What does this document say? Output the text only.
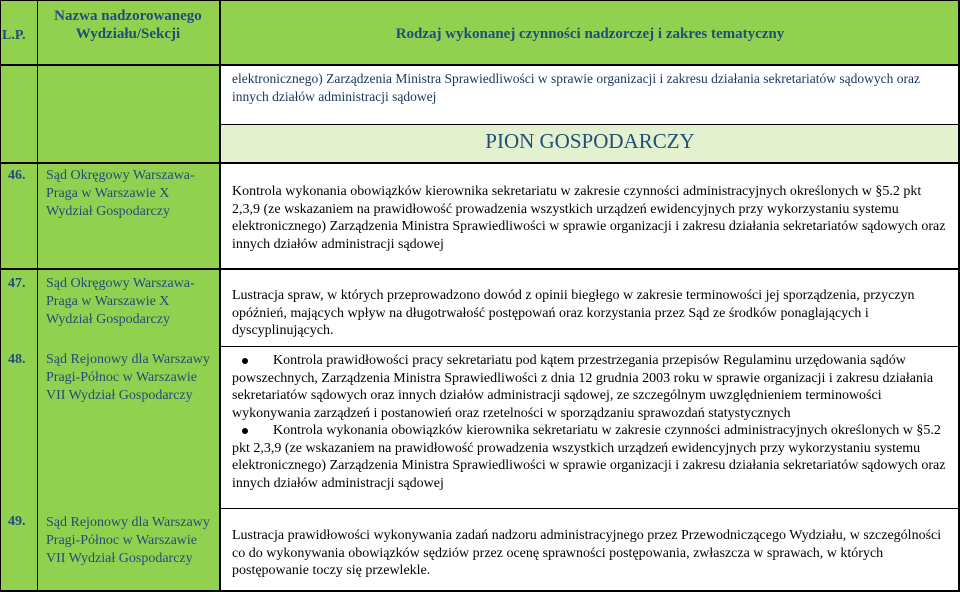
L.P.
Nazwa nadzorowanego Wydziału/Sekcji	Rodzaj wykonanej czynności nadzorczej i zakres tematyczny
elektronicznego) Zarządzenia Ministra Sprawiedliwości w sprawie organizacji i zakresu działania sekretariatów sądowych oraz innych działów administracji sądowej
PION GOSPODARCZY
46. Sąd Okręgowy Warszawa-Praga w Warszawie X Wydział Gospodarczy
47. Sąd Okręgowy Warszawa-Praga w Warszawie X Wydział Gospodarczy
48. Sąd Rejonowy dla Warszawy Pragi-Północ w Warszawie VII Wydział Gospodarczy
49. Sąd Rejonowy dla Warszawy Pragi-Północ w Warszawie VII Wydział Gospodarczy
Kontrola wykonania obowiązków kierownika sekretariatu w zakresie czynności administracyjnych określonych w §5.2 pkt 2,3,9 (ze wskazaniem na prawidłowość prowadzenia wszystkich urządzeń ewidencyjnych przy wykorzystaniu systemu elektronicznego) Zarządzenia Ministra Sprawiedliwości w sprawie organizacji i zakresu działania sekretariatów sądowych oraz innych działów administracji sądowej
Lustracja spraw, w których przeprowadzono dowód z opinii biegłego w zakresie terminowości jej sporządzenia, przyczyn opóźnień, mających wpływ na długotrwałość postępowań oraz korzystania przez Sąd ze środków ponaglających i dyscyplinujących.
Kontrola prawidłowości pracy sekretariatu pod kątem przestrzegania przepisów Regulaminu urzędowania sądów powszechnych, Zarządzenia Ministra Sprawiedliwości z dnia 12 grudnia 2003 roku w sprawie organizacji i zakresu działania sekretariatów sądowych oraz innych działów administracji sądowej, ze szczególnym uwzględnieniem terminowości wykonywania zarządzeń i postanowień oraz rzetelności w sporządzaniu sprawozdań statystycznych
Kontrola wykonania obowiązków kierownika sekretariatu w zakresie czynności administracyjnych określonych w §5.2 pkt 2,3,9 (ze wskazaniem na prawidłowość prowadzenia wszystkich urządzeń ewidencyjnych przy wykorzystaniu systemu elektronicznego) Zarządzenia Ministra Sprawiedliwości w sprawie organizacji i zakresu działania sekretariatów sądowych oraz innych działów administracji sądowej
Lustracja prawidłowości wykonywania zadań nadzoru administracyjnego przez Przewodniczącego Wydziału, w szczególności co do wykonywania obowiązków sędziów przez ocenę sprawności postępowania, zwłaszcza w sprawach, w których postępowanie toczy się przewlekle.
